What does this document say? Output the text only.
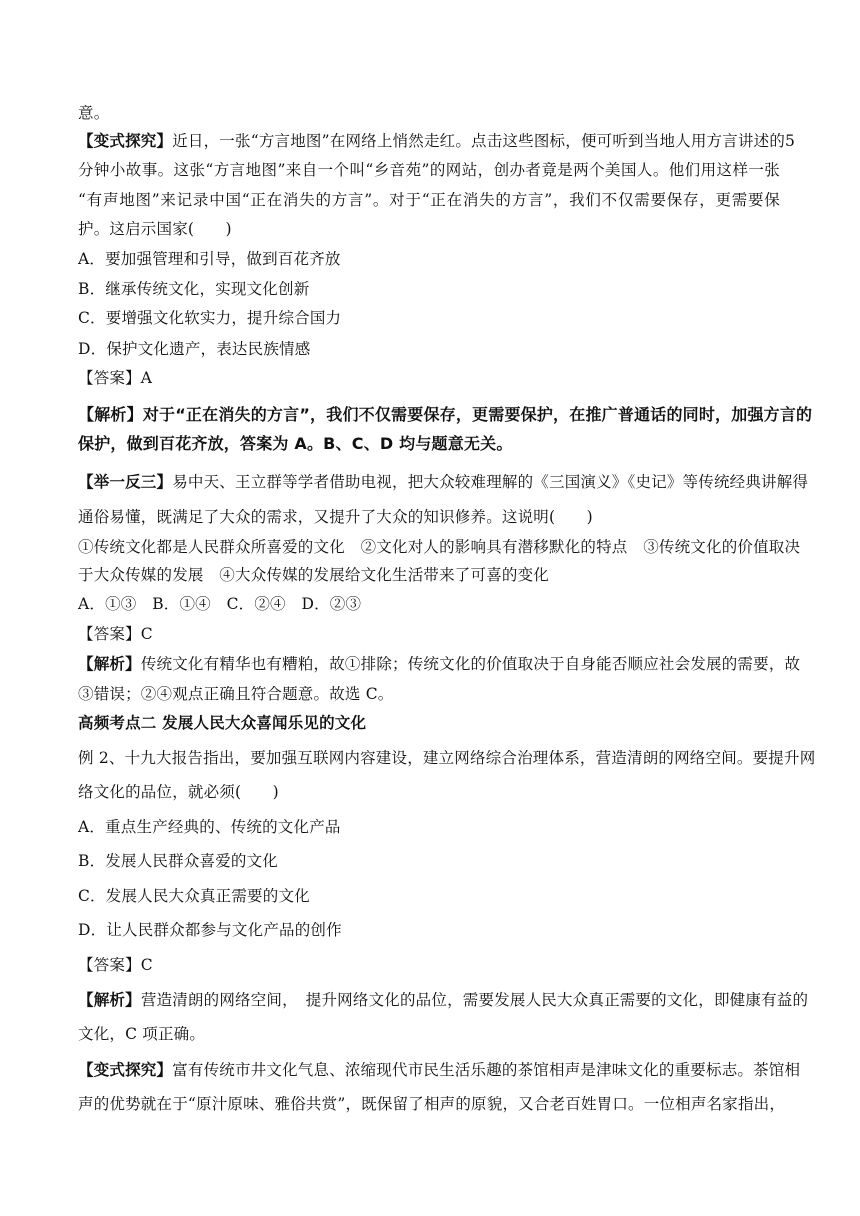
意。
【变式探究】近日，一张“方言地图”在网络上悄然走红。点击这些图标，便可听到当地人用方言讲述的5
分钟小故事。这张“方言地图”来自一个叫“乡音苑”的网站，创办者竟是两个美国人。他们用这样一张
“有声地图”来记录中国“正在消失的方言”。对于“正在消失的方言”，我们不仅需要保存，更需要保
护。这启示国家(　　)
A．要加强管理和引导，做到百花齐放
B．继承传统文化，实现文化创新
C．要增强文化软实力，提升综合国力
D．保护文化遗产，表达民族情感
【答案】A
【解析】对于“正在消失的方言”，我们不仅需要保存，更需要保护，在推广普通话的同时，加强方言的
保护，做到百花齐放，答案为 A。B、C、D 均与题意无关。
【举一反三】易中天、王立群等学者借助电视，把大众较难理解的《三国演义》《史记》等传统经典讲解得
通俗易懂，既满足了大众的需求，又提升了大众的知识修养。这说明(　　)
①传统文化都是人民群众所喜爱的文化　②文化对人的影响具有潜移默化的特点　③传统文化的价值取决
于大众传媒的发展　④大众传媒的发展给文化生活带来了可喜的变化
A．①③　B．①④　C．②④　D．②③
【答案】C
【解析】传统文化有精华也有糟粕，故①排除；传统文化的价值取决于自身能否顺应社会发展的需要，故
③错误；②④观点正确且符合题意。故选 C。
高频考点二 发展人民大众喜闻乐见的文化
例 2、十九大报告指出，要加强互联网内容建设，建立网络综合治理体系，营造清朗的网络空间。要提升网
络文化的品位，就必须(　　)
A．重点生产经典的、传统的文化产品
B．发展人民群众喜爱的文化
C．发展人民大众真正需要的文化
D．让人民群众都参与文化产品的创作
【答案】C
【解析】营造清朗的网络空间，　提升网络文化的品位，需要发展人民大众真正需要的文化，即健康有益的
文化，C 项正确。
【变式探究】富有传统市井文化气息、浓缩现代市民生活乐趣的茶馆相声是津味文化的重要标志。茶馆相
声的优势就在于“原汁原味、雅俗共赏”，既保留了相声的原貌，又合老百姓胃口。一位相声名家指出，
